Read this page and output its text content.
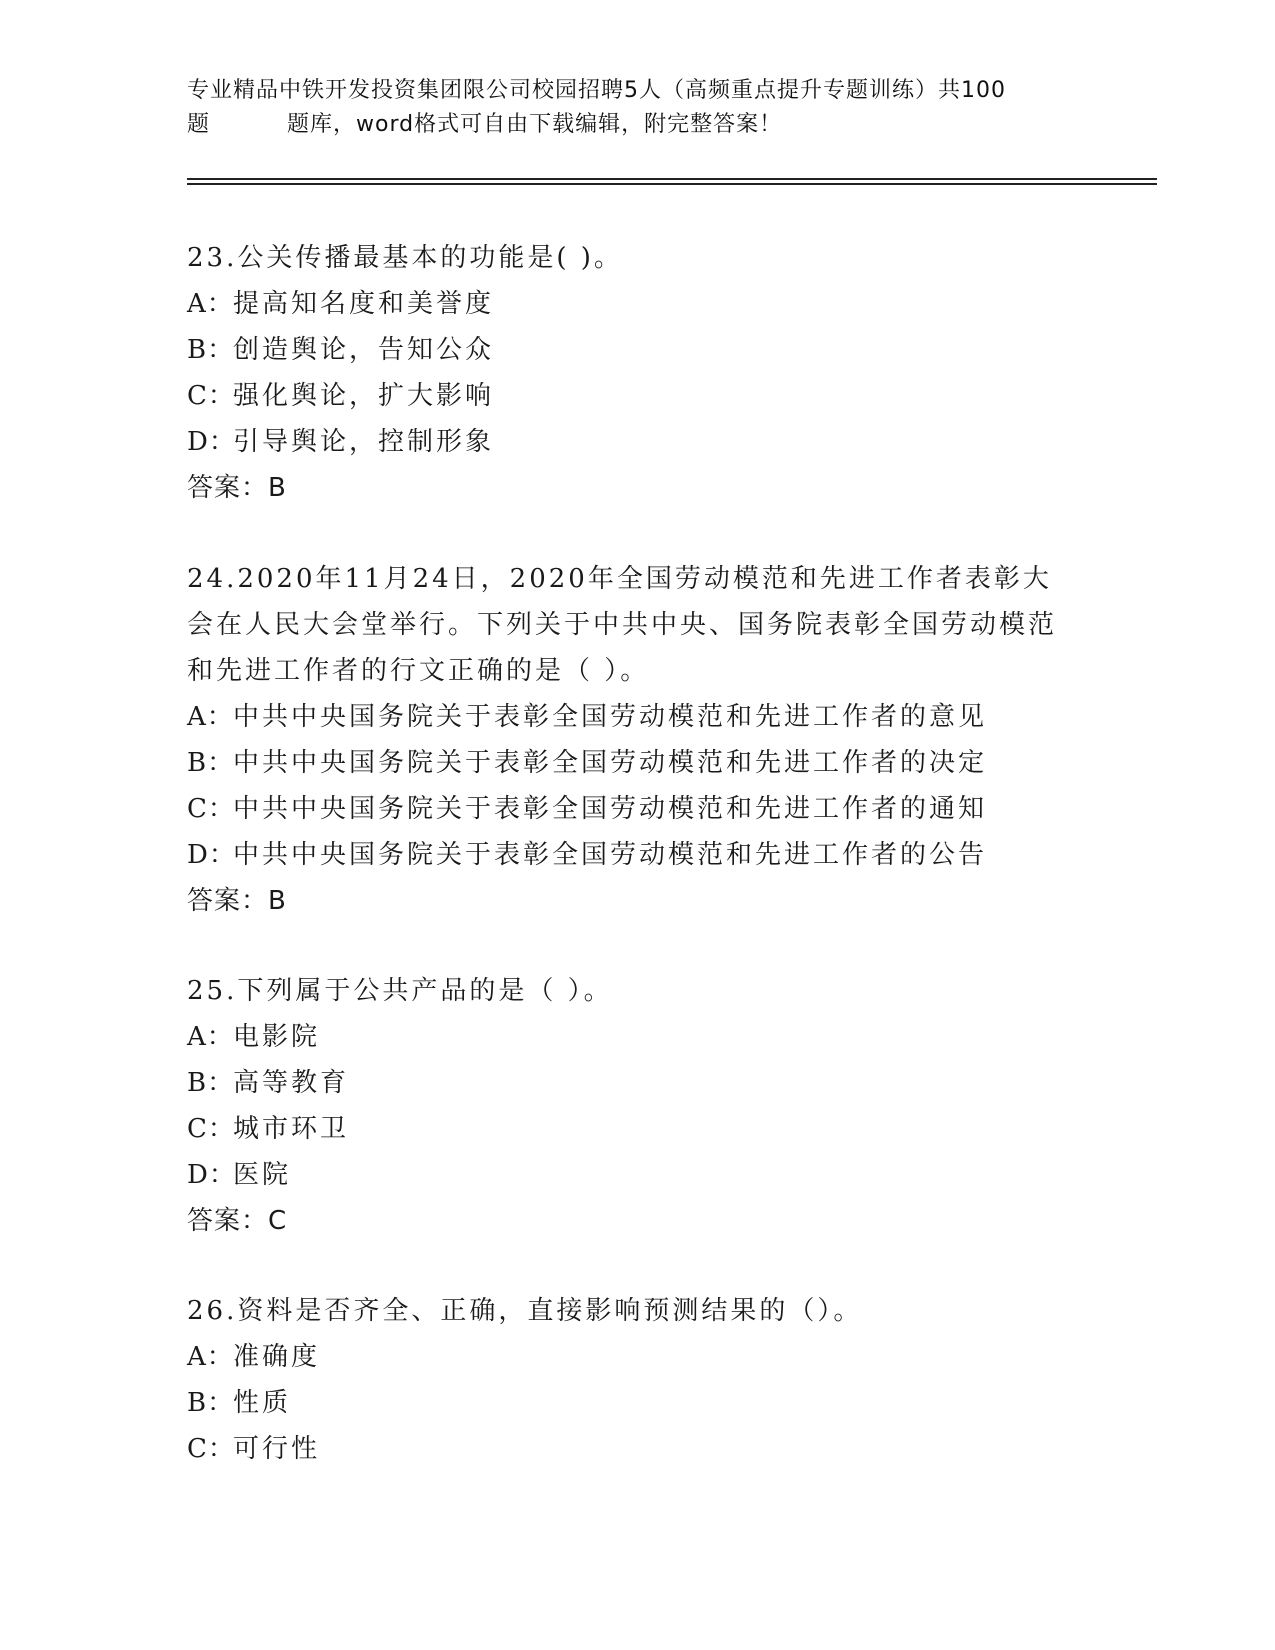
专业精品中铁开发投资集团限公司校园招聘5人（高频重点提升专题训练）共100
题	题库，word格式可自由下载编辑，附完整答案！
23.公关传播最基本的功能是( )。
A：提高知名度和美誉度
B：创造舆论，告知公众
C：强化舆论，扩大影响
D：引导舆论，控制形象
答案：B
24.2020年11月24日，2020年全国劳动模范和先进工作者表彰大会在人民大会堂举行。下列关于中共中央、国务院表彰全国劳动模范和先进工作者的行文正确的是（ ）。
A：中共中央国务院关于表彰全国劳动模范和先进工作者的意见
B：中共中央国务院关于表彰全国劳动模范和先进工作者的决定
C：中共中央国务院关于表彰全国劳动模范和先进工作者的通知
D：中共中央国务院关于表彰全国劳动模范和先进工作者的公告
答案：B
25.下列属于公共产品的是（ ）。
A：电影院
B：高等教育
C：城市环卫
D：医院
答案：C
26.资料是否齐全、正确，直接影响预测结果的（）。
A：准确度
B：性质
C：可行性
